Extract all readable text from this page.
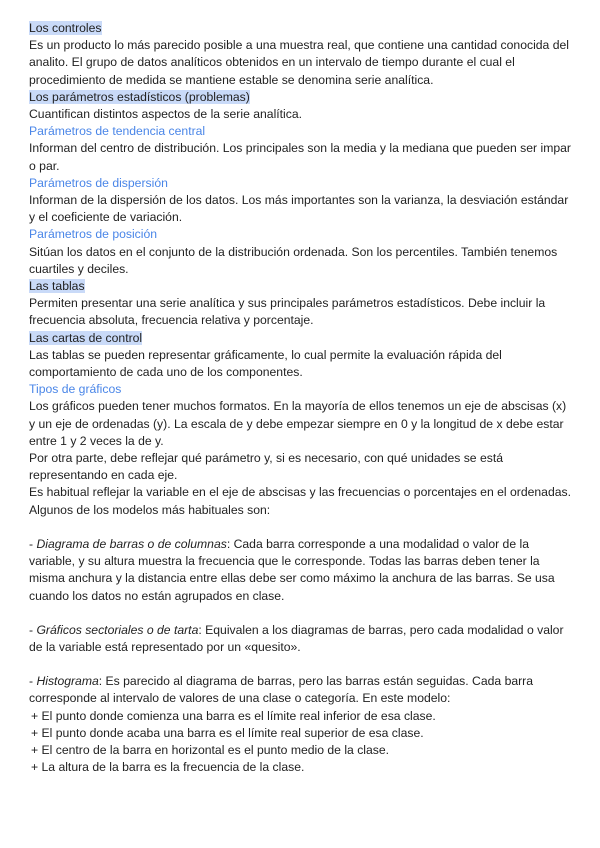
Los controles

Es un producto lo más parecido posible a una muestra real, que contiene una cantidad conocida del analito. El grupo de datos analíticos obtenidos en un intervalo de tiempo durante el cual el procedimiento de medida se mantiene estable se denomina serie analítica.

Los parámetros estadísticos (problemas)

Cuantifican distintos aspectos de la serie analítica.

Parámetros de tendencia central

Informan del centro de distribución. Los principales son la media y la mediana que pueden ser impar o par.

Parámetros de dispersión

Informan de la dispersión de los datos. Los más importantes son la varianza, la desviación estándar y el coeficiente de variación.

Parámetros de posición

Sitúan los datos en el conjunto de la distribución ordenada. Son los percentiles. También tenemos cuartiles y deciles.

Las tablas

Permiten presentar una serie analítica y sus principales parámetros estadísticos. Debe incluir la frecuencia absoluta, frecuencia relativa y porcentaje.

Las cartas de control

Las tablas se pueden representar gráficamente, lo cual permite la evaluación rápida del comportamiento de cada uno de los componentes.

Tipos de gráficos

Los gráficos pueden tener muchos formatos. En la mayoría de ellos tenemos un eje de abscisas (x) y un eje de ordenadas (y). La escala de y debe empezar siempre en 0 y la longitud de x debe estar entre 1 y 2 veces la de y.

Por otra parte, debe reflejar qué parámetro y, si es necesario, con qué unidades se está representando en cada eje.

Es habitual reflejar la variable en el eje de abscisas y las frecuencias o porcentajes en el ordenadas.

Algunos de los modelos más habituales son:

- Diagrama de barras o de columnas: Cada barra corresponde a una modalidad o valor de la variable, y su altura muestra la frecuencia que le corresponde. Todas las barras deben tener la misma anchura y la distancia entre ellas debe ser como máximo la anchura de las barras. Se usa cuando los datos no están agrupados en clase.

- Gráficos sectoriales o de tarta: Equivalen a los diagramas de barras, pero cada modalidad o valor de la variable está representado por un «quesito».

- Histograma: Es parecido al diagrama de barras, pero las barras están seguidas. Cada barra corresponde al intervalo de valores de una clase o categoría. En este modelo:

+ El punto donde comienza una barra es el límite real inferior de esa clase.

+ El punto donde acaba una barra es el límite real superior de esa clase.

+ El centro de la barra en horizontal es el punto medio de la clase.

+ La altura de la barra es la frecuencia de la clase.
